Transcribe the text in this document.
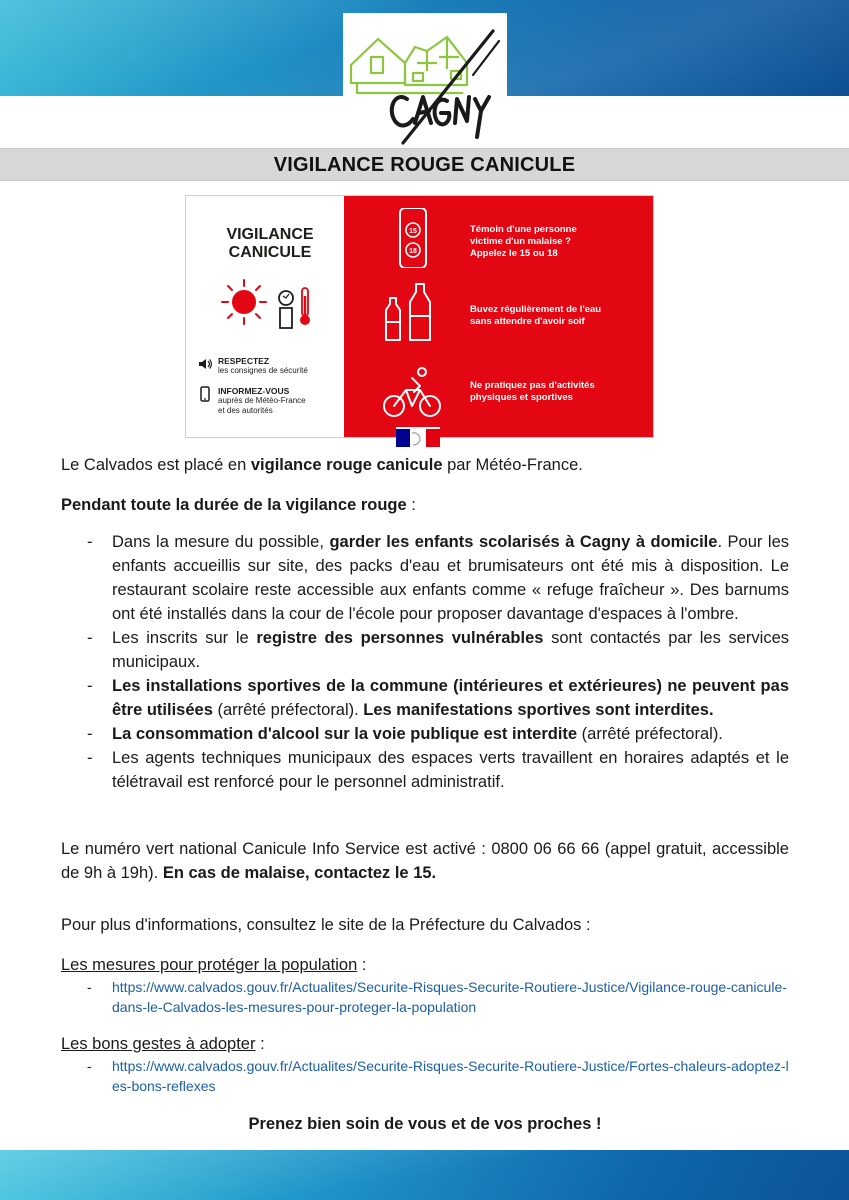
CAGNY
VIGILANCE ROUGE CANICULE
VIGILANCE
CANICULE
RESPECTEZ
les consignes de sécurité
INFORMEZ-VOUS
auprès de Météo-France
et des autorités
15
18
Témoin d'une personne
victime d'un malaise ?
Appelez le 15 ou 18
Buvez régulièrement de l'eau
sans attendre d'avoir soif
Ne pratiquez pas d'activités
physiques et sportives

Le Calvados est placé en vigilance rouge canicule par Météo-France.

Pendant toute la durée de la vigilance rouge :

- Dans la mesure du possible, garder les enfants scolarisés à Cagny à domicile. Pour les enfants accueillis sur site, des packs d'eau et brumisateurs ont été mis à disposition. Le restaurant scolaire reste accessible aux enfants comme « refuge fraîcheur ». Des barnums ont été installés dans la cour de l'école pour proposer davantage d'espaces à l'ombre.
- Les inscrits sur le registre des personnes vulnérables sont contactés par les services municipaux.
- Les installations sportives de la commune (intérieures et extérieures) ne peuvent pas être utilisées (arrêté préfectoral). Les manifestations sportives sont interdites.
- La consommation d'alcool sur la voie publique est interdite (arrêté préfectoral).
- Les agents techniques municipaux des espaces verts travaillent en horaires adaptés et le télétravail est renforcé pour le personnel administratif.

Le numéro vert national Canicule Info Service est activé : 0800 06 66 66 (appel gratuit, accessible de 9h à 19h). En cas de malaise, contactez le 15.

Pour plus d'informations, consultez le site de la Préfecture du Calvados :

Les mesures pour protéger la population :

- https://www.calvados.gouv.fr/Actualites/Securite-Risques-Securite-Routiere-Justice/Vigilance-rouge-canicule-dans-le-Calvados-les-mesures-pour-proteger-la-population

Les bons gestes à adopter :

- https://www.calvados.gouv.fr/Actualites/Securite-Risques-Securite-Routiere-Justice/Fortes-chaleurs-adoptez-les-bons-reflexes

Prenez bien soin de vous et de vos proches !
